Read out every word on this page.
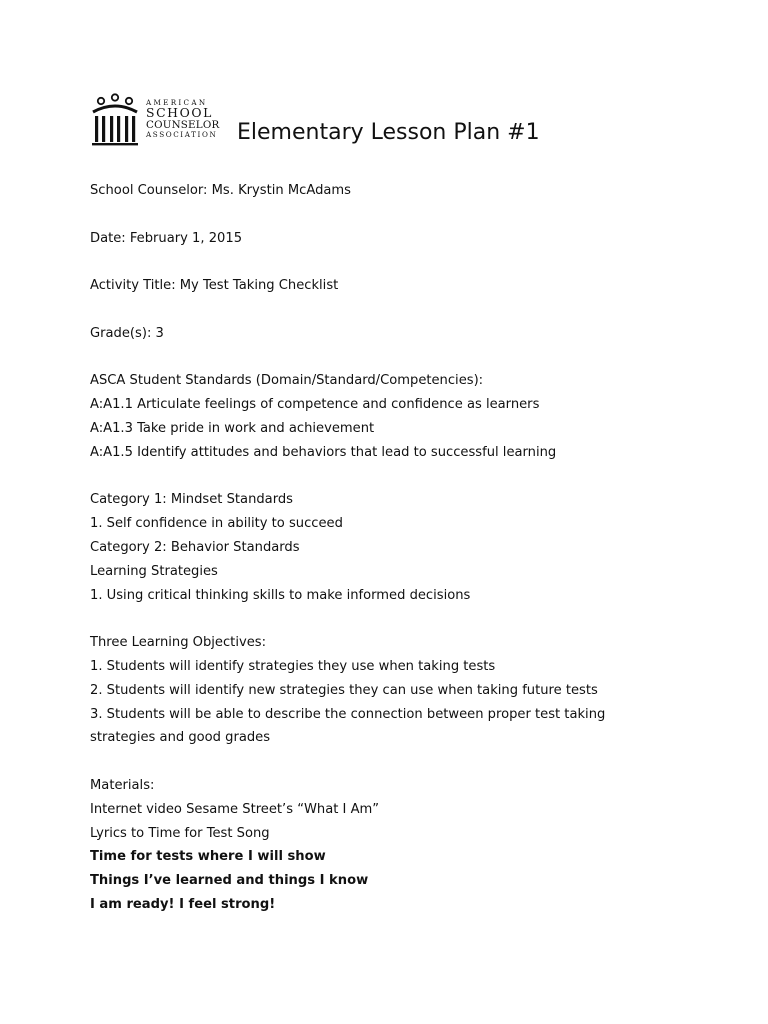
AMERICAN
SCHOOL
COUNSELOR
ASSOCIATION Elementary Lesson Plan #1
School Counselor: Ms. Krystin McAdams
Date: February 1, 2015
Activity Title: My Test Taking Checklist
Grade(s): 3
ASCA Student Standards (Domain/Standard/Competencies):
A:A1.1 Articulate feelings of competence and confidence as learners
A:A1.3 Take pride in work and achievement
A:A1.5 Identify attitudes and behaviors that lead to successful learning
Category 1: Mindset Standards
1. Self confidence in ability to succeed
Category 2: Behavior Standards
Learning Strategies
1. Using critical thinking skills to make informed decisions
Three Learning Objectives:
1. Students will identify strategies they use when taking tests
2. Students will identify new strategies they can use when taking future tests
3. Students will be able to describe the connection between proper test taking
strategies and good grades
Materials:
Internet video Sesame Street’s “What I Am”
Lyrics to Time for Test Song
Time for tests where I will show
Things I’ve learned and things I know
I am ready! I feel strong!
